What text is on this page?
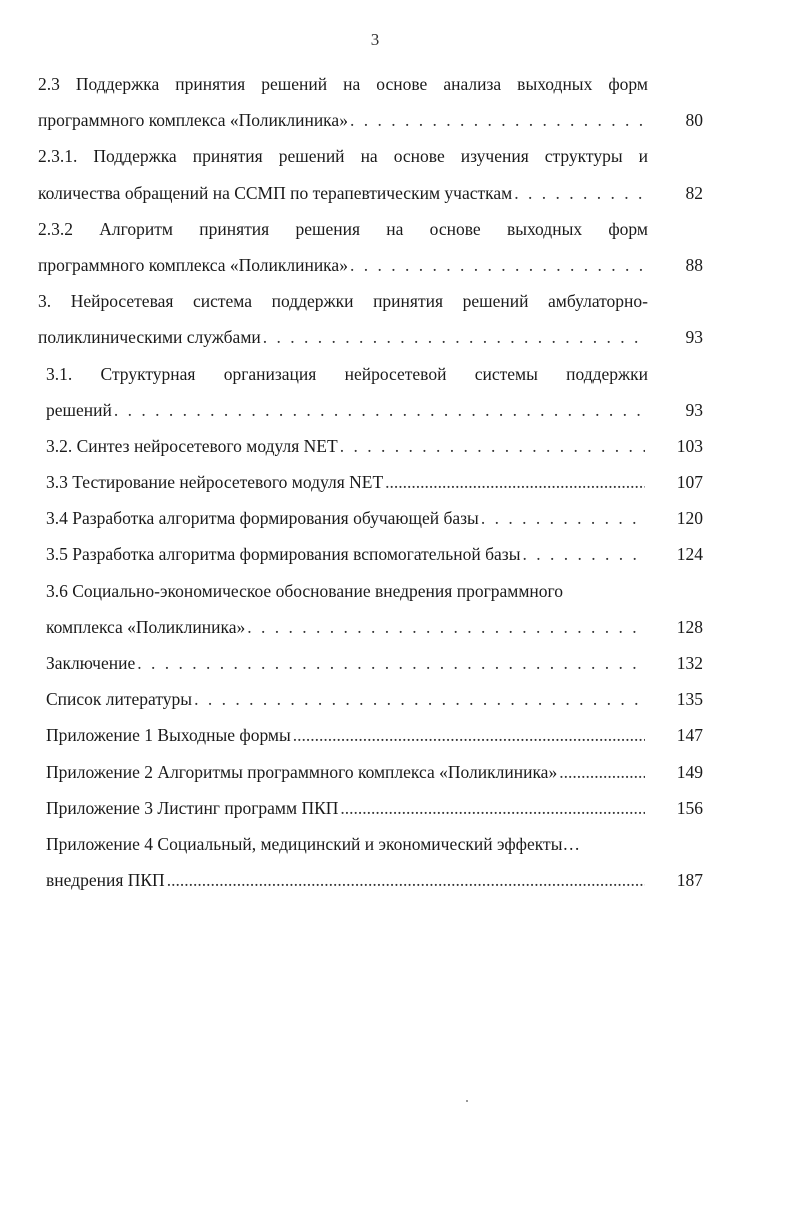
3
2.3 Поддержка принятия решений на основе анализа выходных форм
программного комплекса «Поликлиника» . . .	80
2.3.1. Поддержка принятия решений на основе изучения структуры и
количества обращений на ССМП по терапевтическим участкам . . .	82
2.3.2 Алгоритм принятия решения на основе выходных форм
программного комплекса «Поликлиника» . . .	88
3. Нейросетевая система поддержки принятия решений амбулаторно-
поликлиническими службами . . .	93
3.1. Структурная организация нейросетевой системы поддержки
решений . . .	93
3.2. Синтез нейросетевого модуля NET . . .	103
3.3 Тестирование нейросетевого модуля NET .....	107
3.4 Разработка алгоритма формирования обучающей базы . . .	120
3.5 Разработка алгоритма формирования вспомогательной базы . . .	124
3.6 Социально-экономическое обоснование внедрения программного
комплекса «Поликлиника» . . .	128
Заключение . . .	132
Список литературы . . .	135
Приложение 1 Выходные формы .....	147
Приложение 2 Алгоритмы программного комплекса «Поликлиника» .....	149
Приложение 3 Листинг программ ПКП .....	156
Приложение 4 Социальный, медицинский и экономический эффекты…
внедрения ПКП .....	187
